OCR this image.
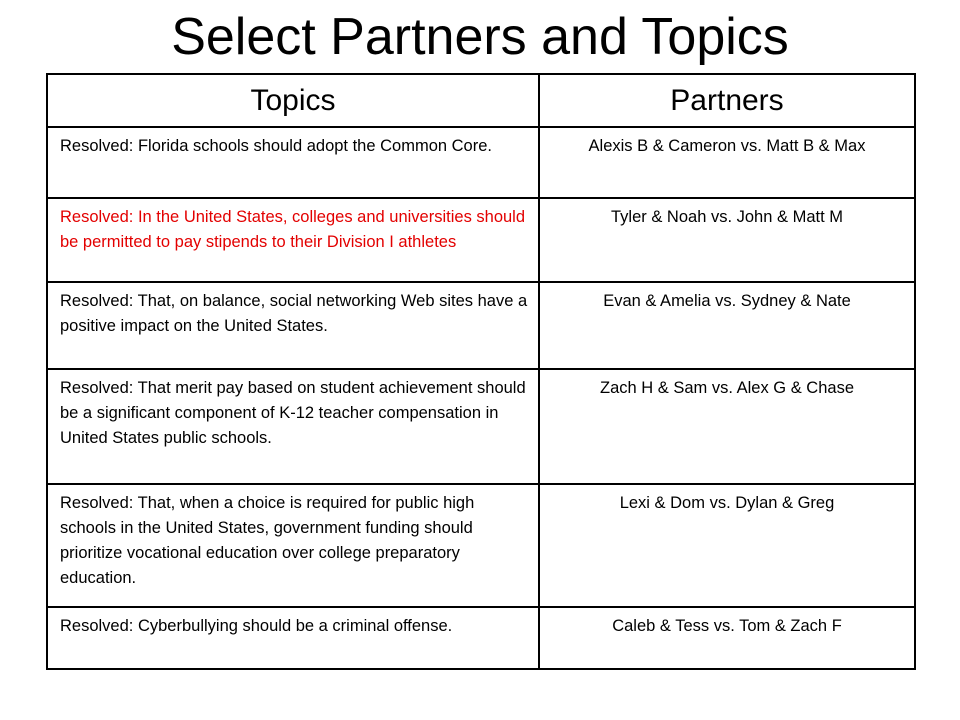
Select Partners and Topics
Topics	Partners
Resolved: Florida schools should adopt the Common Core.	Alexis B & Cameron vs. Matt B & Max
Resolved: In the United States, colleges and universities should be permitted to pay stipends to their Division I athletes	Tyler & Noah vs. John & Matt M
Resolved: That, on balance, social networking Web sites have a positive impact on the United States.	Evan & Amelia vs. Sydney & Nate
Resolved: That merit pay based on student achievement should be a significant component of K-12 teacher compensation in United States public schools.	Zach H & Sam vs. Alex G & Chase
Resolved: That, when a choice is required for public high schools in the United States, government funding should prioritize vocational education over college preparatory education.	Lexi & Dom vs. Dylan & Greg
Resolved: Cyberbullying should be a criminal offense.	Caleb & Tess vs. Tom & Zach F
